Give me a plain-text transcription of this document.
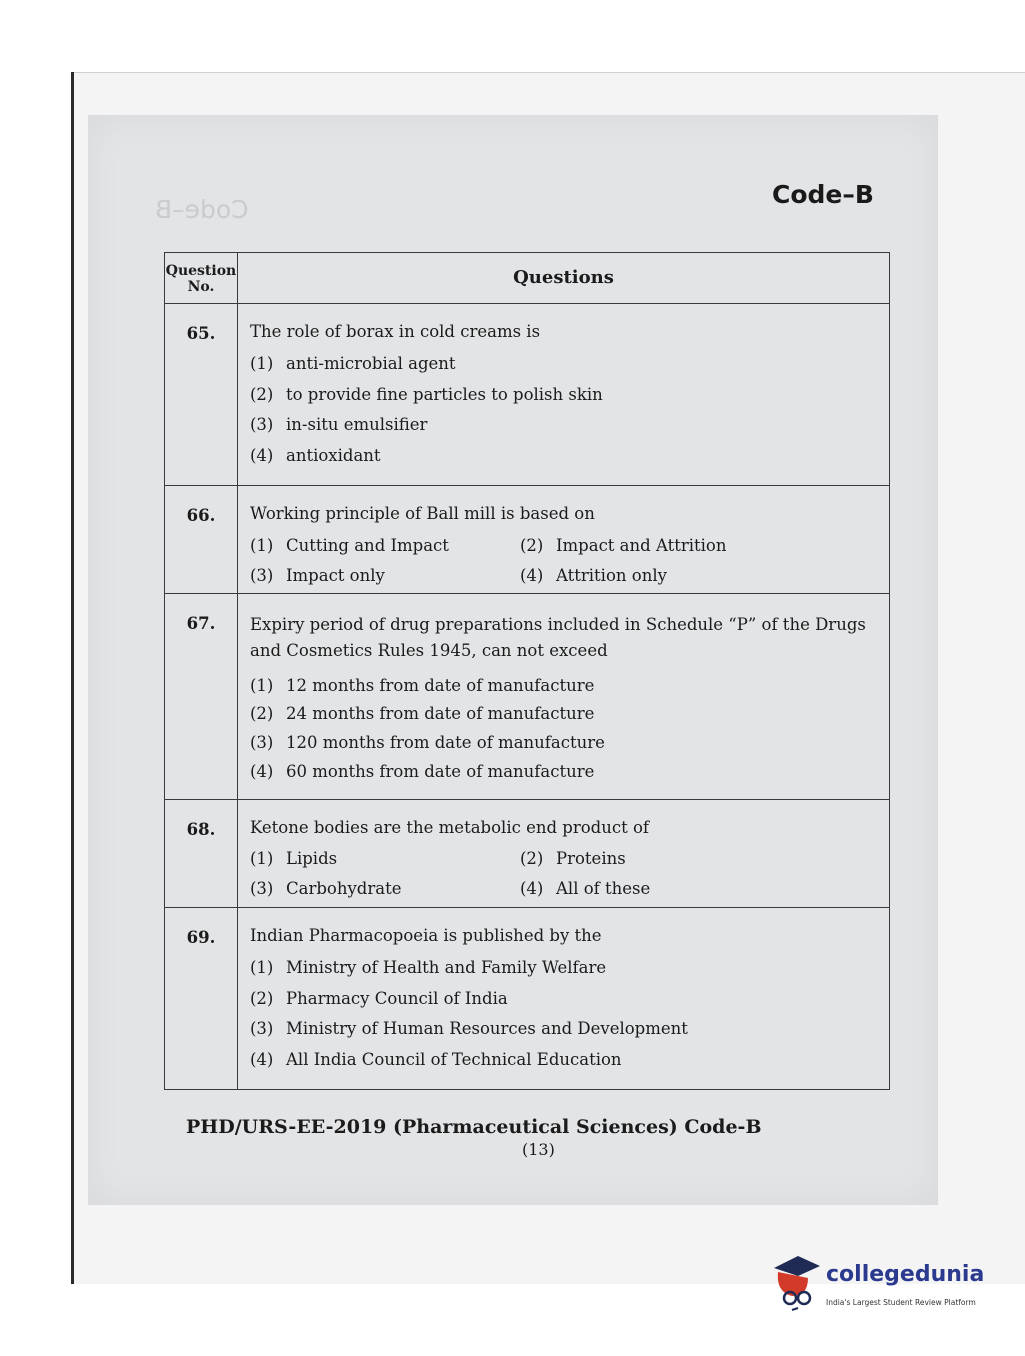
Code–B
Code–B
Question No.	Questions
65.	The role of borax in cold creams is
(1) anti-microbial agent
(2) to provide fine particles to polish skin
(3) in-situ emulsifier
(4) antioxidant

66.	Working principle of Ball mill is based on
(1) Cutting and Impact (2) Impact and Attrition
(3) Impact only (4) Attrition only

67.	Expiry period of drug preparations included in Schedule “P” of the Drugs and Cosmetics Rules 1945, can not exceed
(1) 12 months from date of manufacture
(2) 24 months from date of manufacture
(3) 120 months from date of manufacture
(4) 60 months from date of manufacture

68.	Ketone bodies are the metabolic end product of
(1) Lipids (2) Proteins
(3) Carbohydrate (4) All of these

69.	Indian Pharmacopoeia is published by the
(1) Ministry of Health and Family Welfare
(2) Pharmacy Council of India
(3) Ministry of Human Resources and Development
(4) All India Council of Technical Education
PHD/URS-EE-2019 (Pharmaceutical Sciences) Code-B
(13)
collegedunia
India's Largest Student Review Platform
